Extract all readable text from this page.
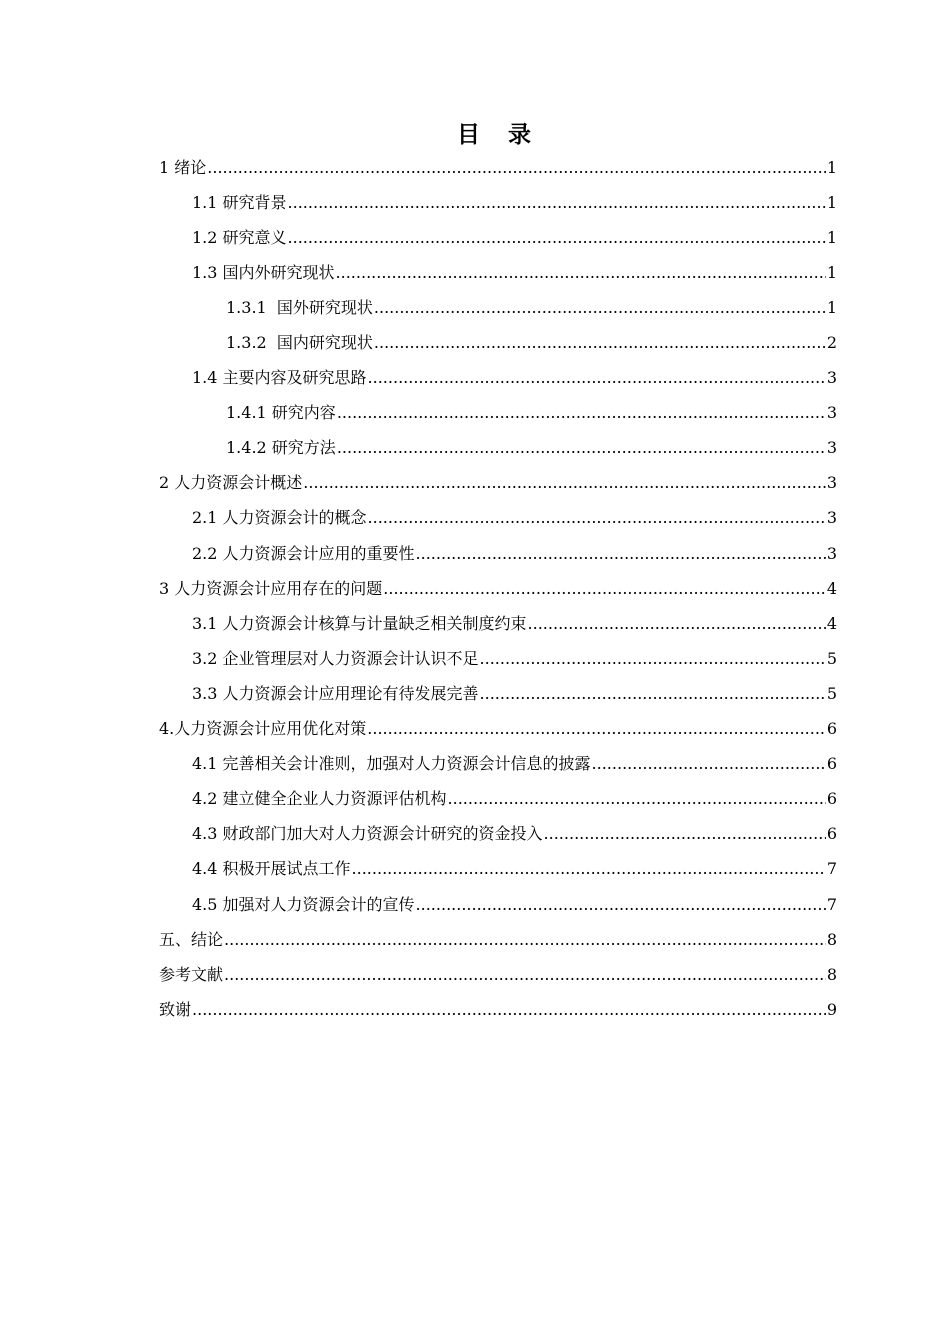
目 录
1 绪论 .....	1
1.1 研究背景 .....	1
1.2 研究意义 .....	1
1.3 国内外研究现状 .....	1
1.3.1  国外研究现状 .....	1
1.3.2  国内研究现状 .....	2
1.4 主要内容及研究思路 .....	3
1.4.1 研究内容 .....	3
1.4.2 研究方法 .....	3
2 人力资源会计概述 .....	3
2.1 人力资源会计的概念 .....	3
2.2 人力资源会计应用的重要性 .....	3
3 人力资源会计应用存在的问题 .....	4
3.1 人力资源会计核算与计量缺乏相关制度约束 .....	4
3.2 企业管理层对人力资源会计认识不足 .....	5
3.3 人力资源会计应用理论有待发展完善 .....	5
4.人力资源会计应用优化对策 .....	6
4.1 完善相关会计准则，加强对人力资源会计信息的披露 .....	6
4.2 建立健全企业人力资源评估机构 .....	6
4.3 财政部门加大对人力资源会计研究的资金投入 .....	6
4.4 积极开展试点工作 .....	7
4.5 加强对人力资源会计的宣传 .....	7
五、结论 .....	8
参考文献 .....	8
致谢 .....	9
